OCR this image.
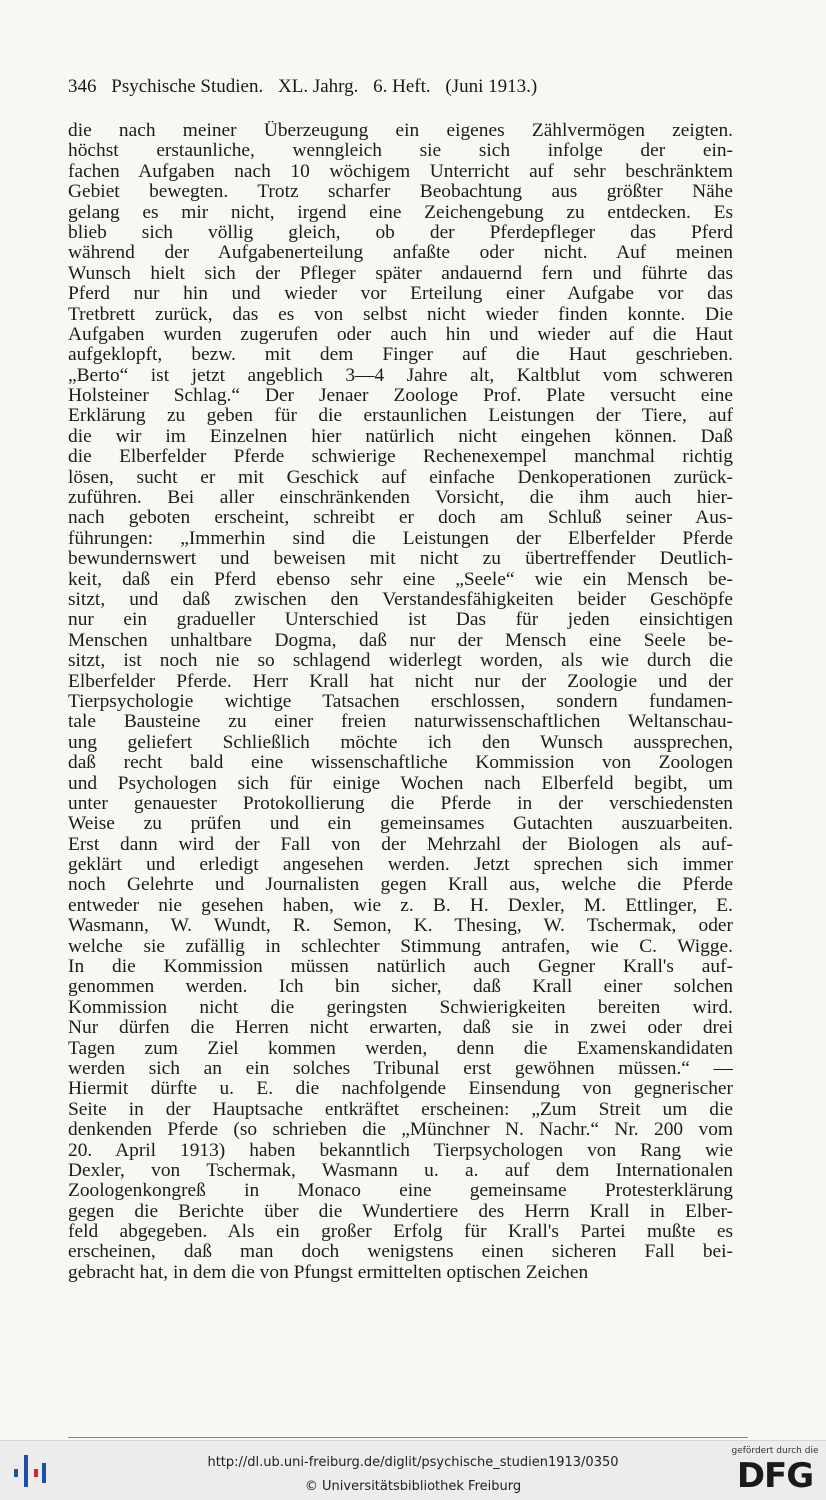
346 Psychische Studien. XL. Jahrg. 6. Heft. (Juni 1913.)
die nach meiner Überzeugung ein eigenes Zählvermögen zeigten.
höchst erstaunliche, wenngleich sie sich infolge der ein-
fachen Aufgaben nach 10 wöchigem Unterricht auf sehr beschränktem
Gebiet bewegten. Trotz scharfer Beobachtung aus größter Nähe
gelang es mir nicht, irgend eine Zeichengebung zu entdecken. Es
blieb sich völlig gleich, ob der Pferdepfleger das Pferd
während der Aufgabenerteilung anfaßte oder nicht. Auf meinen
Wunsch hielt sich der Pfleger später andauernd fern und führte das
Pferd nur hin und wieder vor Erteilung einer Aufgabe vor das
Tretbrett zurück, das es von selbst nicht wieder finden konnte. Die
Aufgaben wurden zugerufen oder auch hin und wieder auf die Haut
aufgeklopft, bezw. mit dem Finger auf die Haut geschrieben.
„Berto“ ist jetzt angeblich 3—4 Jahre alt, Kaltblut vom schweren
Holsteiner Schlag.“ Der Jenaer Zoologe Prof. Plate versucht eine
Erklärung zu geben für die erstaunlichen Leistungen der Tiere, auf
die wir im Einzelnen hier natürlich nicht eingehen können. Daß
die Elberfelder Pferde schwierige Rechenexempel manchmal richtig
lösen, sucht er mit Geschick auf einfache Denkoperationen zurück-
zuführen. Bei aller einschränkenden Vorsicht, die ihm auch hier-
nach geboten erscheint, schreibt er doch am Schluß seiner Aus-
führungen: „Immerhin sind die Leistungen der Elberfelder Pferde
bewundernswert und beweisen mit nicht zu übertreffender Deutlich-
keit, daß ein Pferd ebenso sehr eine „Seele“ wie ein Mensch be-
sitzt, und daß zwischen den Verstandesfähigkeiten beider Geschöpfe
nur ein gradueller Unterschied ist Das für jeden einsichtigen
Menschen unhaltbare Dogma, daß nur der Mensch eine Seele be-
sitzt, ist noch nie so schlagend widerlegt worden, als wie durch die
Elberfelder Pferde. Herr Krall hat nicht nur der Zoologie und der
Tierpsychologie wichtige Tatsachen erschlossen, sondern fundamen-
tale Bausteine zu einer freien naturwissenschaftlichen Weltanschau-
ung geliefert Schließlich möchte ich den Wunsch aussprechen,
daß recht bald eine wissenschaftliche Kommission von Zoologen
und Psychologen sich für einige Wochen nach Elberfeld begibt, um
unter genauester Protokollierung die Pferde in der verschiedensten
Weise zu prüfen und ein gemeinsames Gutachten auszuarbeiten.
Erst dann wird der Fall von der Mehrzahl der Biologen als auf-
geklärt und erledigt angesehen werden. Jetzt sprechen sich immer
noch Gelehrte und Journalisten gegen Krall aus, welche die Pferde
entweder nie gesehen haben, wie z. B. H. Dexler, M. Ettlinger, E.
Wasmann, W. Wundt, R. Semon, K. Thesing, W. Tschermak, oder
welche sie zufällig in schlechter Stimmung antrafen, wie C. Wigge.
In die Kommission müssen natürlich auch Gegner Krall's auf-
genommen werden. Ich bin sicher, daß Krall einer solchen
Kommission nicht die geringsten Schwierigkeiten bereiten wird.
Nur dürfen die Herren nicht erwarten, daß sie in zwei oder drei
Tagen zum Ziel kommen werden, denn die Examenskandidaten
werden sich an ein solches Tribunal erst gewöhnen müssen.“ —
Hiermit dürfte u. E. die nachfolgende Einsendung von gegnerischer
Seite in der Hauptsache entkräftet erscheinen: „Zum Streit um die
denkenden Pferde (so schrieben die „Münchner N. Nachr.“ Nr. 200 vom
20. April 1913) haben bekanntlich Tierpsychologen von Rang wie
Dexler, von Tschermak, Wasmann u. a. auf dem Internationalen
Zoologenkongreß in Monaco eine gemeinsame Protesterklärung
gegen die Berichte über die Wundertiere des Herrn Krall in Elber-
feld abgegeben. Als ein großer Erfolg für Krall's Partei mußte es
erscheinen, daß man doch wenigstens einen sicheren Fall bei-
gebracht hat, in dem die von Pfungst ermittelten optischen Zeichen
http://dl.ub.uni-freiburg.de/diglit/psychische_studien1913/0350
© Universitätsbibliothek Freiburg
gefördert durch die
DFG
